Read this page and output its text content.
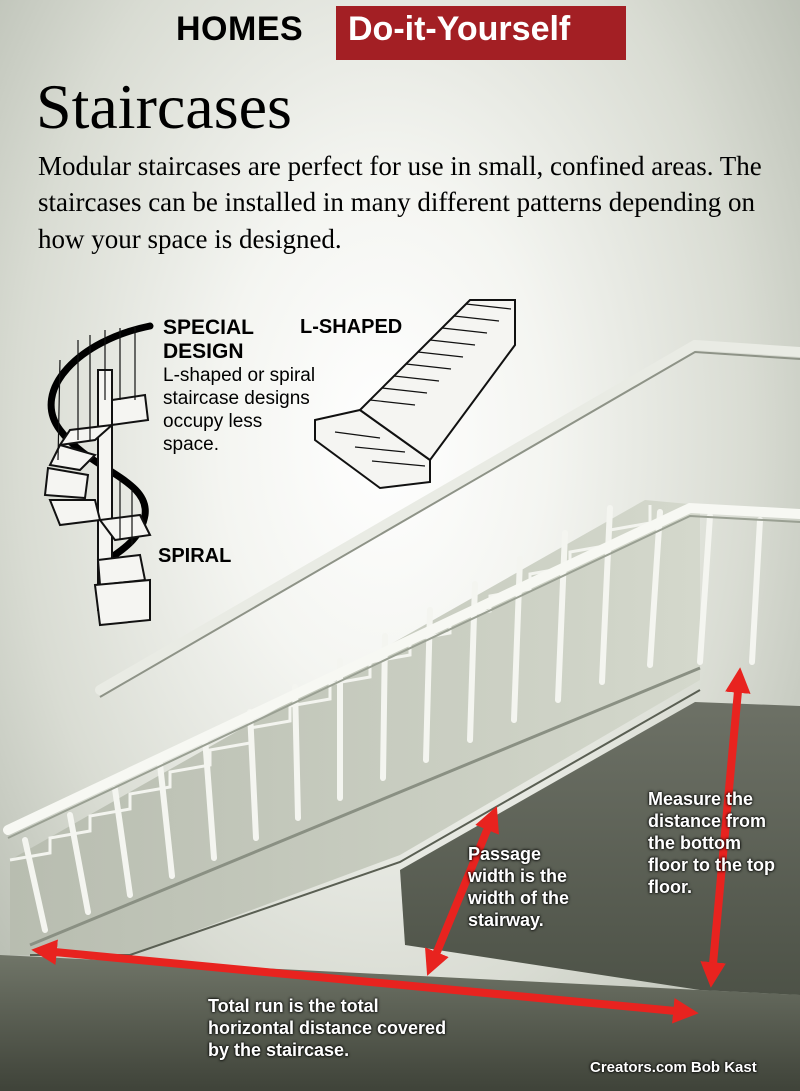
HOMES Do-it-Yourself
Staircases
Modular staircases are perfect for use in small, confined areas. The staircases can be installed in many different patterns depending on how your space is designed.
SPECIAL DESIGN
L-shaped or spiral staircase designs occupy less space.
L-SHAPED
SPIRAL
Measure the distance from the bottom floor to the top floor.
Passage width is the width of the stairway.
Total run is the total horizontal distance covered by the staircase.
Creators.com Bob Kast
